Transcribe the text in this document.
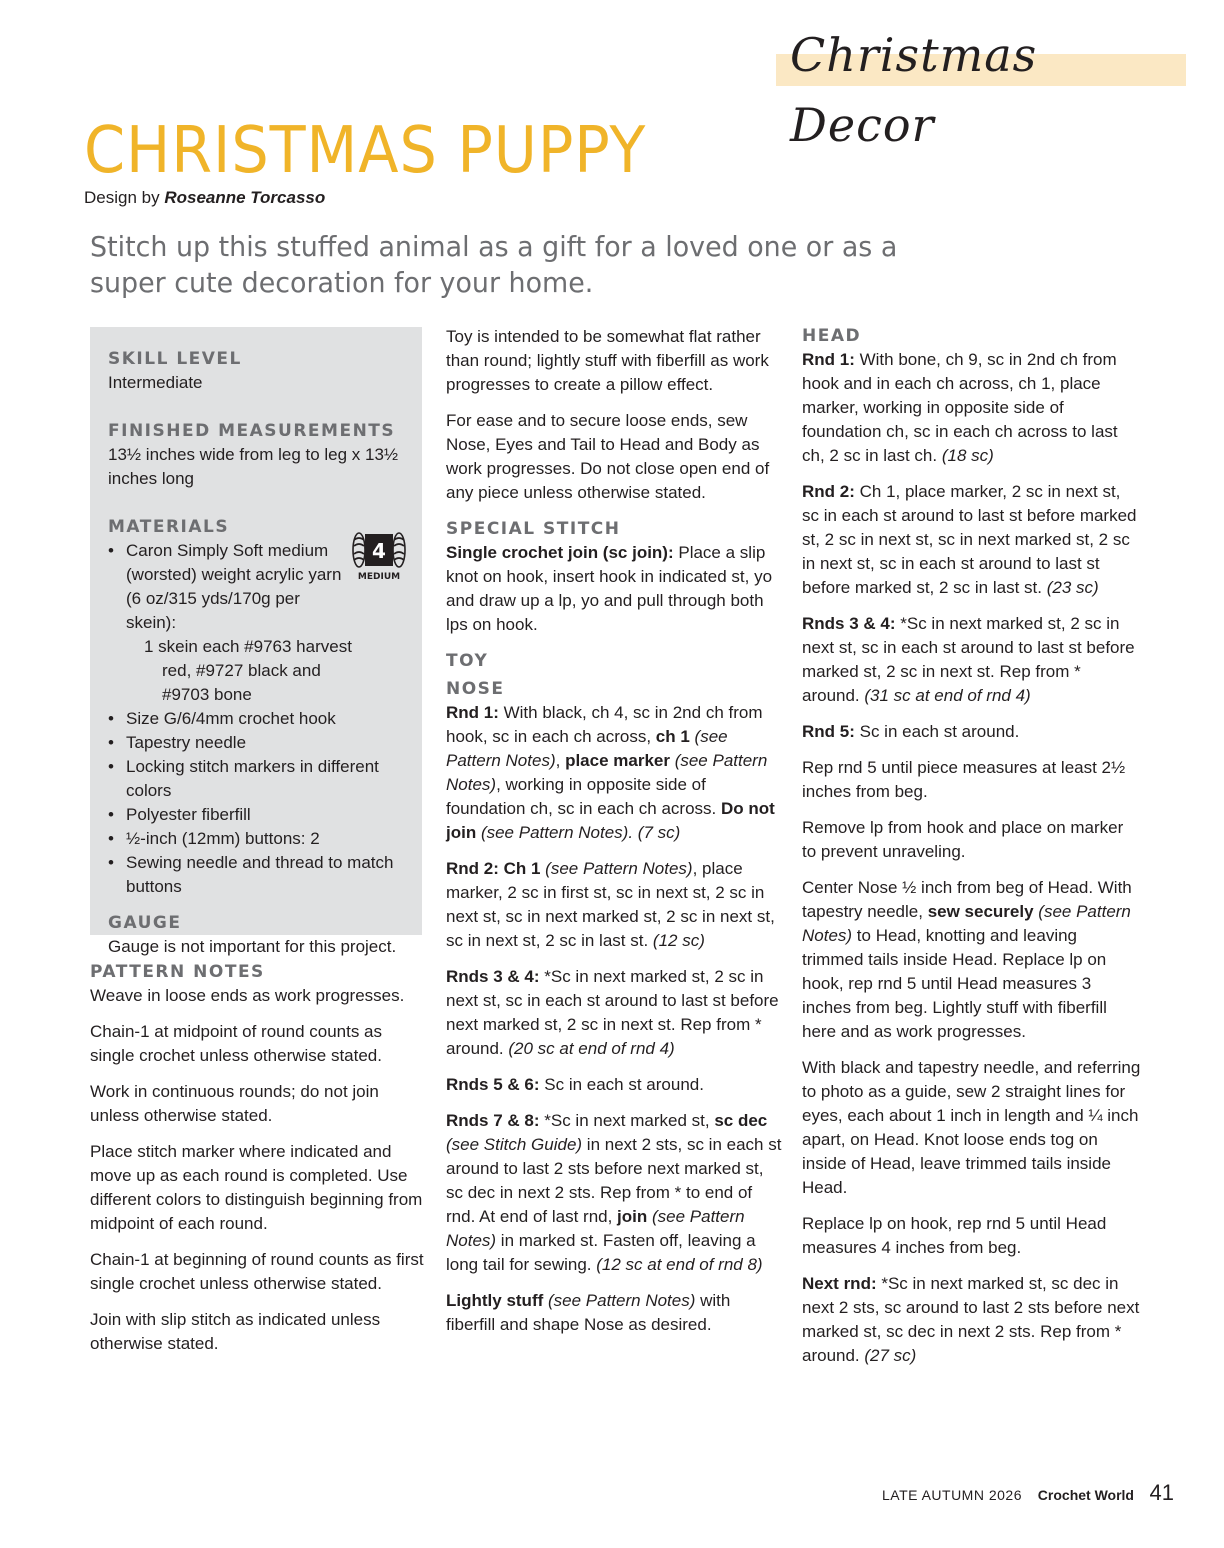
Christmas Decor
CHRISTMAS PUPPY
Design by Roseanne Torcasso
Stitch up this stuffed animal as a gift for a loved one or as a super cute decoration for your home.

SKILL LEVEL

Intermediate

FINISHED MEASUREMENTS

13½ inches wide from leg to leg x 13½ inches long

MATERIALS

• Caron Simply Soft medium (worsted) weight acrylic yarn (6 oz/315 yds/170g per skein):
1 skein each #9763 harvest red, #9727 black and #9703 bone
• Size G/6/4mm crochet hook
• Tapestry needle
• Locking stitch markers in different colors
• Polyester fiberfill
• ½-inch (12mm) buttons: 2
• Sewing needle and thread to match buttons

GAUGE

Gauge is not important for this project.

4
MEDIUM

PATTERN NOTES

Weave in loose ends as work progresses.

Chain-1 at midpoint of round counts as single crochet unless otherwise stated.

Work in continuous rounds; do not join unless otherwise stated.

Place stitch marker where indicated and move up as each round is completed. Use different colors to distinguish beginning from midpoint of each round.

Chain-1 at beginning of round counts as first single crochet unless otherwise stated.

Join with slip stitch as indicated unless otherwise stated.

Toy is intended to be somewhat flat rather than round; lightly stuff with fiberfill as work progresses to create a pillow effect.

For ease and to secure loose ends, sew Nose, Eyes and Tail to Head and Body as work progresses. Do not close open end of any piece unless otherwise stated.

SPECIAL STITCH

Single crochet join (sc join): Place a slip knot on hook, insert hook in indicated st, yo and draw up a lp, yo and pull through both lps on hook.

TOY

NOSE

Rnd 1: With black, ch 4, sc in 2nd ch from hook, sc in each ch across, ch 1 (see Pattern Notes), place marker (see Pattern Notes), working in opposite side of foundation ch, sc in each ch across. Do not join (see Pattern Notes). (7 sc)

Rnd 2: Ch 1 (see Pattern Notes), place marker, 2 sc in first st, sc in next st, 2 sc in next st, sc in next marked st, 2 sc in next st, sc in next st, 2 sc in last st. (12 sc)

Rnds 3 & 4: *Sc in next marked st, 2 sc in next st, sc in each st around to last st before next marked st, 2 sc in next st. Rep from * around. (20 sc at end of rnd 4)

Rnds 5 & 6: Sc in each st around.

Rnds 7 & 8: *Sc in next marked st, sc dec (see Stitch Guide) in next 2 sts, sc in each st around to last 2 sts before next marked st, sc dec in next 2 sts. Rep from * to end of rnd. At end of last rnd, join (see Pattern Notes) in marked st. Fasten off, leaving a long tail for sewing. (12 sc at end of rnd 8)

Lightly stuff (see Pattern Notes) with fiberfill and shape Nose as desired.

HEAD

Rnd 1: With bone, ch 9, sc in 2nd ch from hook and in each ch across, ch 1, place marker, working in opposite side of foundation ch, sc in each ch across to last ch, 2 sc in last ch. (18 sc)

Rnd 2: Ch 1, place marker, 2 sc in next st, sc in each st around to last st before marked st, 2 sc in next st, sc in next marked st, 2 sc in next st, sc in each st around to last st before marked st, 2 sc in last st. (23 sc)

Rnds 3 & 4: *Sc in next marked st, 2 sc in next st, sc in each st around to last st before marked st, 2 sc in next st. Rep from * around. (31 sc at end of rnd 4)

Rnd 5: Sc in each st around.

Rep rnd 5 until piece measures at least 2½ inches from beg.

Remove lp from hook and place on marker to prevent unraveling.

Center Nose ½ inch from beg of Head. With tapestry needle, sew securely (see Pattern Notes) to Head, knotting and leaving trimmed tails inside Head. Replace lp on hook, rep rnd 5 until Head measures 3 inches from beg. Lightly stuff with fiberfill here and as work progresses.

With black and tapestry needle, and referring to photo as a guide, sew 2 straight lines for eyes, each about 1 inch in length and ¼ inch apart, on Head. Knot loose ends tog on inside of Head, leave trimmed tails inside Head.

Replace lp on hook, rep rnd 5 until Head measures 4 inches from beg.

Next rnd: *Sc in next marked st, sc dec in next 2 sts, sc around to last 2 sts before next marked st, sc dec in next 2 sts. Rep from * around. (27 sc)

LATE AUTUMN 2026 Crochet World 41
